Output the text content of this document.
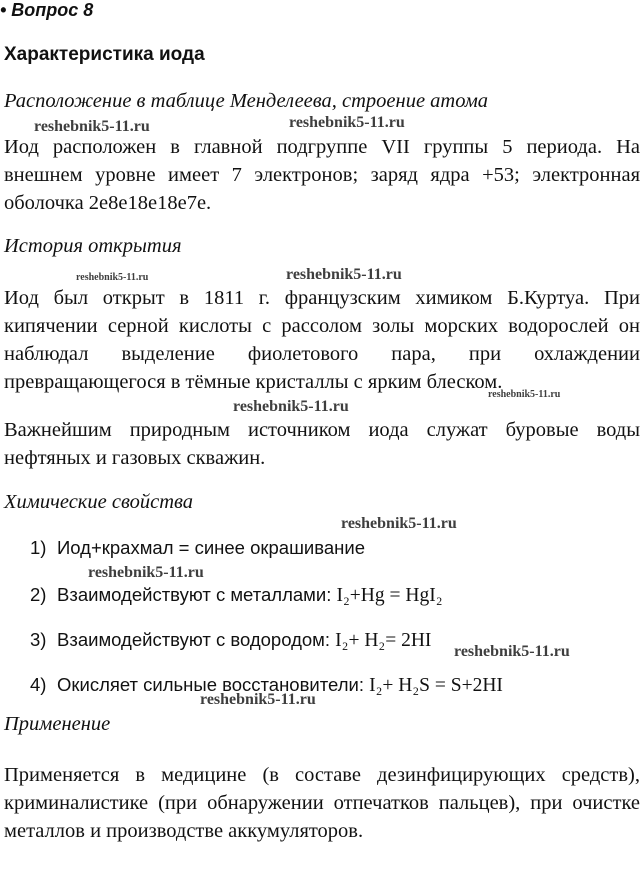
• Вопрос 8
Характеристика иода
Расположение в таблице Менделеева, строение атома

Иод расположен в главной подгруппе VII группы 5 периода. На внешнем уровне имеет 7 электронов; заряд ядра +53; электронная оболочка 2е8е18е18е7е.

История открытия

Иод был открыт в 1811 г. французским химиком Б.Куртуа. При кипячении серной кислоты с рассолом золы морских водорослей он наблюдал выделение фиолетового пара, при охлаждении превращающегося в тёмные кристаллы с ярким блеском.

Важнейшим природным источником иода служат буровые воды нефтяных и газовых скважин.

Химические свойства
1) Иод+крахмал = синее окрашивание
2) Взаимодействуют с металлами: I₂+Hg = HgI₂
3) Взаимодействуют с водородом: I₂+ H₂= 2HI
4) Окисляет сильные восстановители: I₂+ H₂S = S+2HI
Применение

Применяется в медицине (в составе дезинфицирующих средств), криминалистике (при обнаружении отпечатков пальцев), при очистке металлов и производстве аккумуляторов.

reshebnik5-11.ru	reshebnik5-11.ru
reshebnik5-11.ru	reshebnik5-11.ru
reshebnik5-11.ru
reshebnik5-11.ru
reshebnik5-11.ru
reshebnik5-11.ru
reshebnik5-11.ru
reshebnik5-11.ru
